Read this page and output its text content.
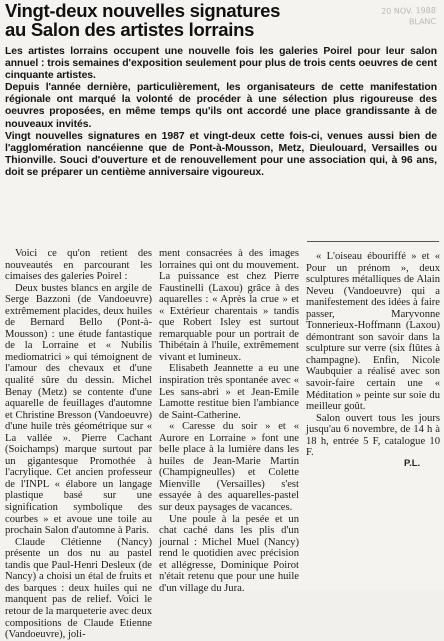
Vingt-deux nouvelles signatures
au Salon des artistes lorrains
20 NOV. 1988
BLANC

Les artistes lorrains occupent une nouvelle fois les galeries Poirel pour leur salon annuel : trois semaines d'exposition seulement pour plus de trois cents oeuvres de cent cinquante artistes.

Depuis l'année dernière, particulièrement, les organisateurs de cette manifestation régionale ont marqué la volonté de procéder à une sélection plus rigoureuse des oeuvres proposées, en même temps qu'ils ont accordé une place grandissante à de nouveaux invités.

Vingt nouvelles signatures en 1987 et vingt-deux cette fois-ci, venues aussi bien de l'agglomération nancéienne que de Pont-à-Mousson, Metz, Dieulouard, Versailles ou Thionville. Souci d'ouverture et de renouvellement pour une association qui, à 96 ans, doit se préparer un centième anniversaire vigoureux.

Voici ce qu'on retient des nouveautés en parcourant les cimaises des galeries Poirel :

Deux bustes blancs en argile de Serge Bazzoni (de Vandoeuvre) extrêmement placides, deux huiles de Bernard Bello (Pont-à-Mousson) : une étude fantastique de la Lorraine et « Nubilis mediomatrici » qui témoignent de l'amour des chevaux et d'une qualité sûre du dessin. Michel Benay (Metz) se contente d'une aquarelle de feuillages d'automne et Christine Bresson (Vandoeuvre) d'une huile très géométrique sur « La vallée ». Pierre Cachant (Soichamps) marque surtout par un gigantesque Promothée à l'acrylique. Cet ancien professeur de l'INPL « élabore un langage plastique basé sur une signification symbolique des courbes » et avoue une toile au prochain Salon d'automne à Paris.

Claude Clétienne (Nancy) présente un dos nu au pastel tandis que Paul-Henri Desleux (de Nancy) a choisi un étal de fruits et des barques : deux huiles qui ne manquent pas de relief. Voici le retour de la marqueterie avec deux compositions de Claude Etienne (Vandoeuvre), joli-

ment consacrées à des images lorraines qui ont du mouvement. La puissance est chez Pierre Faustinelli (Laxou) grâce à des aquarelles : « Après la crue » et « Extérieur charentais » tandis que Robert Isley est surtout remarquable pour un portrait de Thibétain à l'huile, extrêmement vivant et lumineux.

Elisabeth Jeannette a eu une inspiration très spontanée avec « Les sans-abri » et Jean-Emile Lamotte restitue bien l'ambiance de Saint-Catherine.

« Caresse du soir » et « Aurore en Lorraine » font une belle place à la lumière dans les huiles de Jean-Marie Martin (Champigneulles) et Colette Mienville (Versailles) s'est essayée à des aquarelles-pastel sur deux paysages de vacances.

Une poule à la pesée et un chat caché dans les plis d'un journal : Michel Muel (Nancy) rend le quotidien avec précision et allégresse, Dominique Poirot n'était retenu que pour une huile d'un village du Jura.

« L'oiseau ébouriffé » et « Pour un prénom », deux sculptures métalliques de Alain Neveu (Vandoeuvre) qui a manifestement des idées à faire passer, Maryvonne Tonnerieux-Hoffmann (Laxou) démontrant son savoir dans la sculpture sur verre (six flûtes à champagne). Enfin, Nicole Waubquier a réalisé avec son savoir-faire certain une « Méditation » peinte sur soie du meilleur goût.

Salon ouvert tous les jours jusqu'au 6 novembre, de 14 h à 18 h, entrée 5 F, catalogue 10 F.

P.L.
